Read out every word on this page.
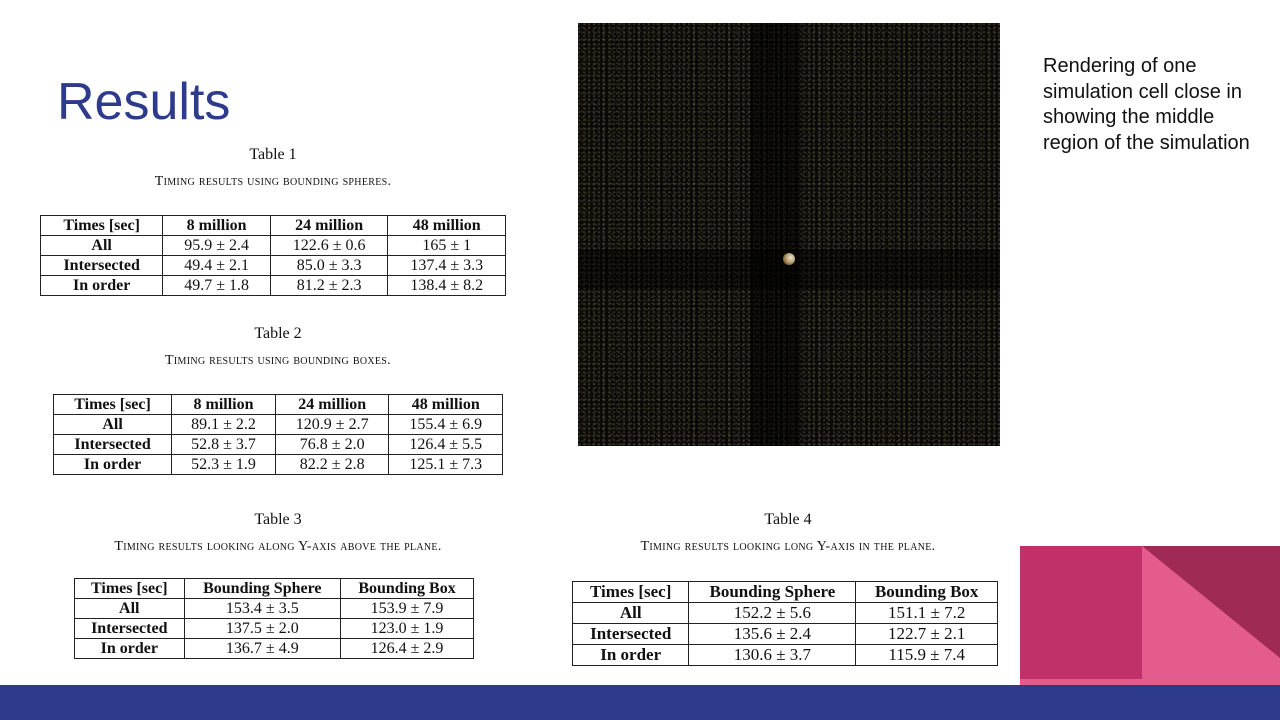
Results
Table 1
Timing results using bounding spheres.
Times [sec]	8 million	24 million	48 million
All	95.9 ± 2.4	122.6 ± 0.6	165 ± 1
Intersected	49.4 ± 2.1	85.0 ± 3.3	137.4 ± 3.3
In order	49.7 ± 1.8	81.2 ± 2.3	138.4 ± 8.2
Table 2
Timing results using bounding boxes.
Times [sec]	8 million	24 million	48 million
All	89.1 ± 2.2	120.9 ± 2.7	155.4 ± 6.9
Intersected	52.8 ± 3.7	76.8 ± 2.0	126.4 ± 5.5
In order	52.3 ± 1.9	82.2 ± 2.8	125.1 ± 7.3
Table 3
Timing results looking along Y-axis above the plane.
Times [sec]	Bounding Sphere	Bounding Box
All	153.4 ± 3.5	153.9 ± 7.9
Intersected	137.5 ± 2.0	123.0 ± 1.9
In order	136.7 ± 4.9	126.4 ± 2.9
Table 4
Timing results looking long Y-axis in the plane.
Times [sec]	Bounding Sphere	Bounding Box
All	152.2 ± 5.6	151.1 ± 7.2
Intersected	135.6 ± 2.4	122.7 ± 2.1
In order	130.6 ± 3.7	115.9 ± 7.4

Rendering of one simulation cell close in showing the middle region of the simulation
